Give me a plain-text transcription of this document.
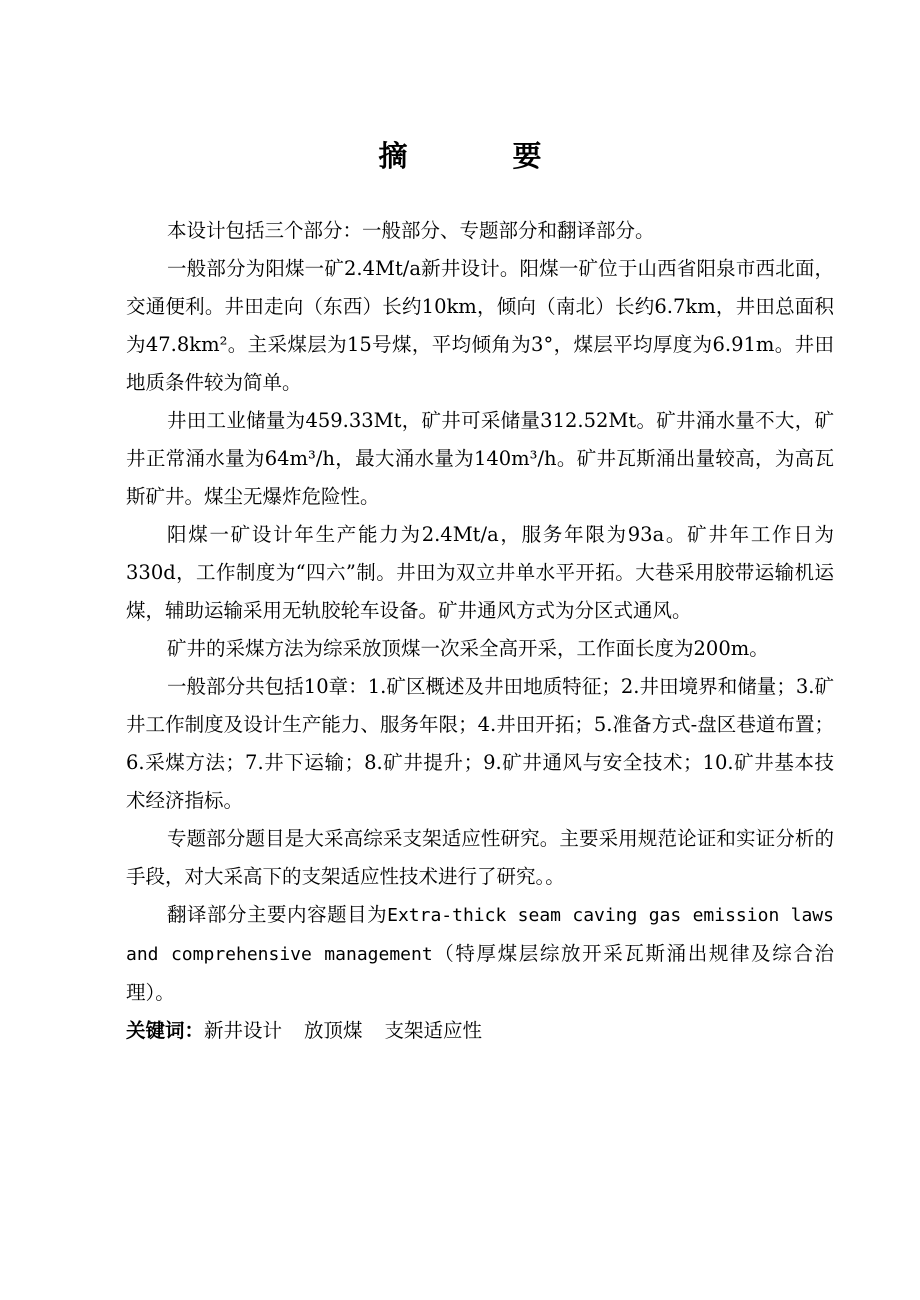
摘　要

本设计包括三个部分：一般部分、专题部分和翻译部分。

一般部分为阳煤一矿2.4Mt/a新井设计。阳煤一矿位于山西省阳泉市西北面，交通便利。井田走向（东西）长约10km，倾向（南北）长约6.7km，井田总面积为47.8km²。主采煤层为15号煤，平均倾角为3°，煤层平均厚度为6.91m。井田地质条件较为简单。

井田工业储量为459.33Mt，矿井可采储量312.52Mt。矿井涌水量不大，矿井正常涌水量为64m³/h，最大涌水量为140m³/h。矿井瓦斯涌出量较高，为高瓦斯矿井。煤尘无爆炸危险性。

阳煤一矿设计年生产能力为2.4Mt/a，服务年限为93a。矿井年工作日为330d，工作制度为“四六”制。井田为双立井单水平开拓。大巷采用胶带运输机运煤，辅助运输采用无轨胶轮车设备。矿井通风方式为分区式通风。

矿井的采煤方法为综采放顶煤一次采全高开采，工作面长度为200m。

一般部分共包括10章：1.矿区概述及井田地质特征；2.井田境界和储量；3.矿井工作制度及设计生产能力、服务年限；4.井田开拓；5.准备方式-盘区巷道布置；6.采煤方法；7.井下运输；8.矿井提升；9.矿井通风与安全技术；10.矿井基本技术经济指标。

专题部分题目是大采高综采支架适应性研究。主要采用规范论证和实证分析的手段，对大采高下的支架适应性技术进行了研究。。

翻译部分主要内容题目为Extra-thick seam caving gas emission laws and comprehensive management（特厚煤层综放开采瓦斯涌出规律及综合治理）。

关键词：新井设计 放顶煤 支架适应性
